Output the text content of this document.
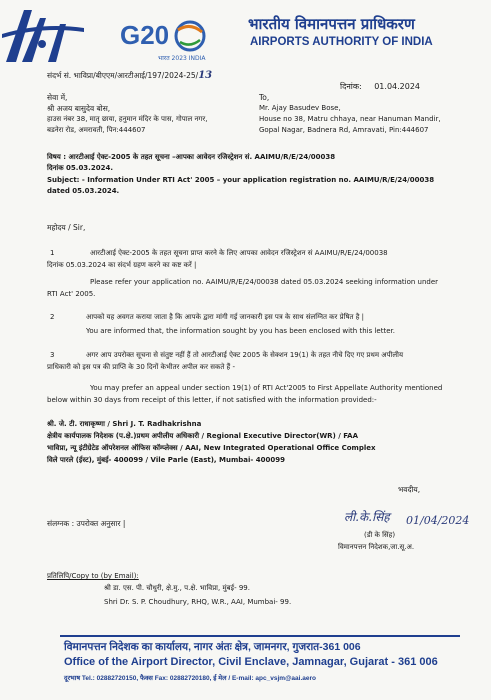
G20
भारत 2023 INDIA
भारतीय विमानपत्तन प्राधिकरण
AIRPORTS AUTHORITY OF INDIA
संदर्भ सं. भाविप्रा/बीएएम/आरटीआई/197/2024-25/13
दिनांक: 01.04.2024
सेवा में,
श्री अजय बासुदेव बोस,
हाउस नंबर 38, मातृ छाया, हनुमान मंदिर के पास, गोपाल नगर,
बडनेरा रोड, अमरावती, पिन:444607
To,
Mr. Ajay Basudev Bose,
House no 38, Matru chhaya, near Hanuman Mandir,
Gopal Nagar, Badnera Rd, Amravati, Pin:444607
विषय : आरटीआई ऐक्ट-2005 के तहत सूचना –आपका आवेदन रजिस्ट्रेशन सं. AAIMU/R/E/24/00038
दिनांक 05.03.2024.
Subject: - Information Under RTI Act' 2005 – your application registration no. AAIMU/R/E/24/00038
dated 05.03.2024.
महोदय / Sir,
1	आरटीआई ऐक्ट-2005 के तहत सूचना प्राप्त करने के लिए आपका आवेदन रजिस्ट्रेशन सं AAIMU/R/E/24/00038
दिनांक 05.03.2024 का संदर्भ ग्रहण करने का कष्ट करें |
Please refer your application no. AAIMU/R/E/24/00038 dated 05.03.2024 seeking information under
RTI Act' 2005.
2	आपको यह अवगत कराया जाता है कि आपके द्वारा मांगी गई जानकारी इस पत्र के साथ संलग्नित कर प्रेषित है |
You are informed that, the information sought by you has been enclosed with this letter.
3	अगर आप उपरोक्त सूचना से संतुष्ट नहीं हैं तो आरटीआई ऐक्ट 2005 के सेक्शन 19(1) के तहत नीचे दिए गए प्रथम अपीलीय
प्राधिकारी को इस पत्र की प्राप्ति के 30 दिनों केभीतर अपील कर सकते हैं -
You may prefer an appeal under section 19(1) of RTI Act'2005 to First Appellate Authority mentioned
below within 30 days from receipt of this letter, if not satisfied with the information provided:-
श्री. जे. टी. राधाकृष्णा / Shri J. T. Radhakrishna
क्षेत्रीय कार्यपालक निदेशक (प.क्षे.)प्रथम अपीलीय अधिकारी / Regional Executive Director(WR) / FAA
भाविप्रा, न्यू इंटीग्रेटेड ऑपरेशनल ऑफिस कॉम्प्लेक्स / AAI, New Integrated Operational Office Complex
विले पारले (ईस्ट), मुंबई- 400099 / Vile Parle (East), Mumbai- 400099
भवदीय,
ली.के.सिंह 01/04/2024
(डी के सिंह)
विमानपत्तन निदेशक,जा.सू.अ.
संलग्नक : उपरोक्त अनुसार |
प्रतिलिपि/Copy to (by Email):
श्री डा. एस. पी. चौधुरी, क्षे.मु., प.क्षे. भाविप्रा, मुंबई- 99.
Shri Dr. S. P. Choudhury, RHQ, W.R., AAI, Mumbai- 99.
विमानपत्तन निदेशक का कार्यालय, नागर अंतः क्षेत्र, जामनगर, गुजरात-361 006
Office of the Airport Director, Civil Enclave, Jamnagar, Gujarat - 361 006
दूरभाष Tel.: 02882720150, फैक्स Fax: 02882720180, ई मेल / E-mail: apc_vsjm@aai.aero
